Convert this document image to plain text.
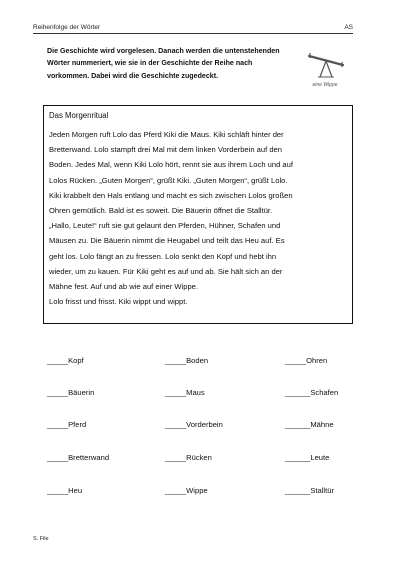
Reihenfolge der Wörter	AS
Die Geschichte wird vorgelesen. Danach werden die untenstehenden
Wörter nummeriert, wie sie in der Geschichte der Reihe nach
vorkommen. Dabei wird die Geschichte zugedeckt.
eine Wippe
Das Morgenritual
Jeden Morgen ruft Lolo das Pferd Kiki die Maus. Kiki schläft hinter der
Bretterwand. Lolo stampft drei Mal mit dem linken Vorderbein auf den
Boden. Jedes Mal, wenn Kiki Lolo hört, rennt sie aus ihrem Loch und auf
Lolos Rücken. „Guten Morgen“, grüßt Kiki. „Guten Morgen“, grüßt Lolo.
Kiki krabbelt den Hals entlang und macht es sich zwischen Lolos großen
Ohren gemütlich. Bald ist es soweit. Die Bäuerin öffnet die Stalltür.
„Hallo, Leute!“ ruft sie gut gelaunt den Pferden, Hühner, Schafen und
Mäusen zu. Die Bäuerin nimmt die Heugabel und teilt das Heu auf. Es
geht los. Lolo fängt an zu fressen. Lolo senkt den Kopf und hebt ihn
wieder, um zu kauen. Für Kiki geht es auf und ab. Sie hält sich an der
Mähne fest. Auf und ab wie auf einer Wippe.
Lolo frisst und frisst. Kiki wippt und wippt.
_____Kopf	_____Boden	_____Ohren
_____Bäuerin	_____Maus	______Schafen
_____Pferd	_____Vorderbein	______Mähne
_____Bretterwand	_____Rücken	______Leute
_____Heu	_____Wippe	______Stalltür
S. File
